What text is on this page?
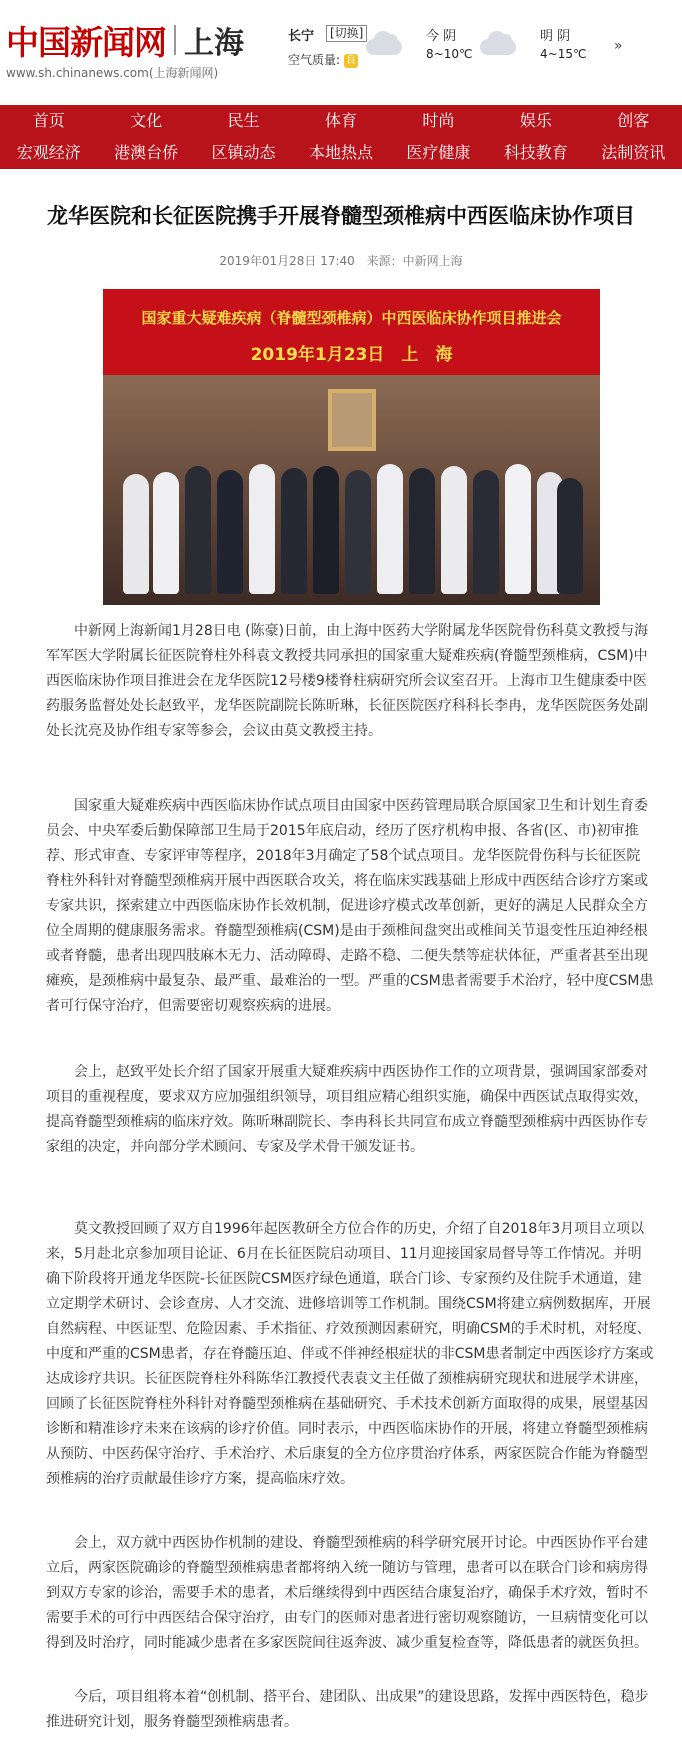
中国新闻网 上海
www.sh.chinanews.com(上海新闻网)
长宁	[切换]
空气质量: 良
今 阴
8~10℃
明 阴
4~15℃ »
首页	文化	民生	体育	时尚	娱乐	创客
宏观经济	港澳台侨	区镇动态	本地热点	医疗健康	科技教育	法制资讯
龙华医院和长征医院携手开展脊髓型颈椎病中西医临床协作项目
2019年01月28日 17:40 来源：中新网上海
国家重大疑难疾病（脊髓型颈椎病）中西医临床协作项目推进会
2019年1月23日　上　海

中新网上海新闻1月28日电 (陈豪)日前，由上海中医药大学附属龙华医院骨伤科莫文教授与海军军医大学附属长征医院脊柱外科袁文教授共同承担的国家重大疑难疾病(脊髓型颈椎病，CSM)中西医临床协作项目推进会在龙华医院12号楼9楼脊柱病研究所会议室召开。上海市卫生健康委中医药服务监督处处长赵致平，龙华医院副院长陈昕琳，长征医院医疗科科长李冉，龙华医院医务处副处长沈亮及协作组专家等参会，会议由莫文教授主持。

国家重大疑难疾病中西医临床协作试点项目由国家中医药管理局联合原国家卫生和计划生育委员会、中央军委后勤保障部卫生局于2015年底启动，经历了医疗机构申报、各省(区、市)初审推荐、形式审查、专家评审等程序，2018年3月确定了58个试点项目。龙华医院骨伤科与长征医院脊柱外科针对脊髓型颈椎病开展中西医联合攻关，将在临床实践基础上形成中西医结合诊疗方案或专家共识，探索建立中西医临床协作长效机制，促进诊疗模式改革创新，更好的满足人民群众全方位全周期的健康服务需求。脊髓型颈椎病(CSM)是由于颈椎间盘突出或椎间关节退变性压迫神经根或者脊髓，患者出现四肢麻木无力、活动障碍、走路不稳、二便失禁等症状体征，严重者甚至出现瘫痪，是颈椎病中最复杂、最严重、最难治的一型。严重的CSM患者需要手术治疗，轻中度CSM患者可行保守治疗，但需要密切观察疾病的进展。

会上，赵致平处长介绍了国家开展重大疑难疾病中西医协作工作的立项背景，强调国家部委对项目的重视程度，要求双方应加强组织领导，项目组应精心组织实施，确保中西医试点取得实效，提高脊髓型颈椎病的临床疗效。陈昕琳副院长、李冉科长共同宣布成立脊髓型颈椎病中西医协作专家组的决定，并向部分学术顾问、专家及学术骨干颁发证书。

莫文教授回顾了双方自1996年起医教研全方位合作的历史，介绍了自2018年3月项目立项以来，5月赴北京参加项目论证、6月在长征医院启动项目、11月迎接国家局督导等工作情况。并明确下阶段将开通龙华医院-长征医院CSM医疗绿色通道，联合门诊、专家预约及住院手术通道，建立定期学术研讨、会诊查房、人才交流、进修培训等工作机制。围绕CSM将建立病例数据库，开展自然病程、中医证型、危险因素、手术指征、疗效预测因素研究，明确CSM的手术时机，对轻度、中度和严重的CSM患者，存在脊髓压迫、伴或不伴神经根症状的非CSM患者制定中西医诊疗方案或达成诊疗共识。长征医院脊柱外科陈华江教授代表袁文主任做了颈椎病研究现状和进展学术讲座，回顾了长征医院脊柱外科针对脊髓型颈椎病在基础研究、手术技术创新方面取得的成果，展望基因诊断和精准诊疗未来在该病的诊疗价值。同时表示，中西医临床协作的开展，将建立脊髓型颈椎病从预防、中医药保守治疗、手术治疗、术后康复的全方位序贯治疗体系，两家医院合作能为脊髓型颈椎病的治疗贡献最佳诊疗方案，提高临床疗效。

会上，双方就中西医协作机制的建设、脊髓型颈椎病的科学研究展开讨论。中西医协作平台建立后，两家医院确诊的脊髓型颈椎病患者都将纳入统一随访与管理，患者可以在联合门诊和病房得到双方专家的诊治，需要手术的患者，术后继续得到中西医结合康复治疗，确保手术疗效，暂时不需要手术的可行中西医结合保守治疗，由专门的医师对患者进行密切观察随访，一旦病情变化可以得到及时治疗，同时能减少患者在多家医院间往返奔波、减少重复检查等，降低患者的就医负担。

今后，项目组将本着“创机制、搭平台、建团队、出成果”的建设思路，发挥中西医特色，稳步推进研究计划，服务脊髓型颈椎病患者。
